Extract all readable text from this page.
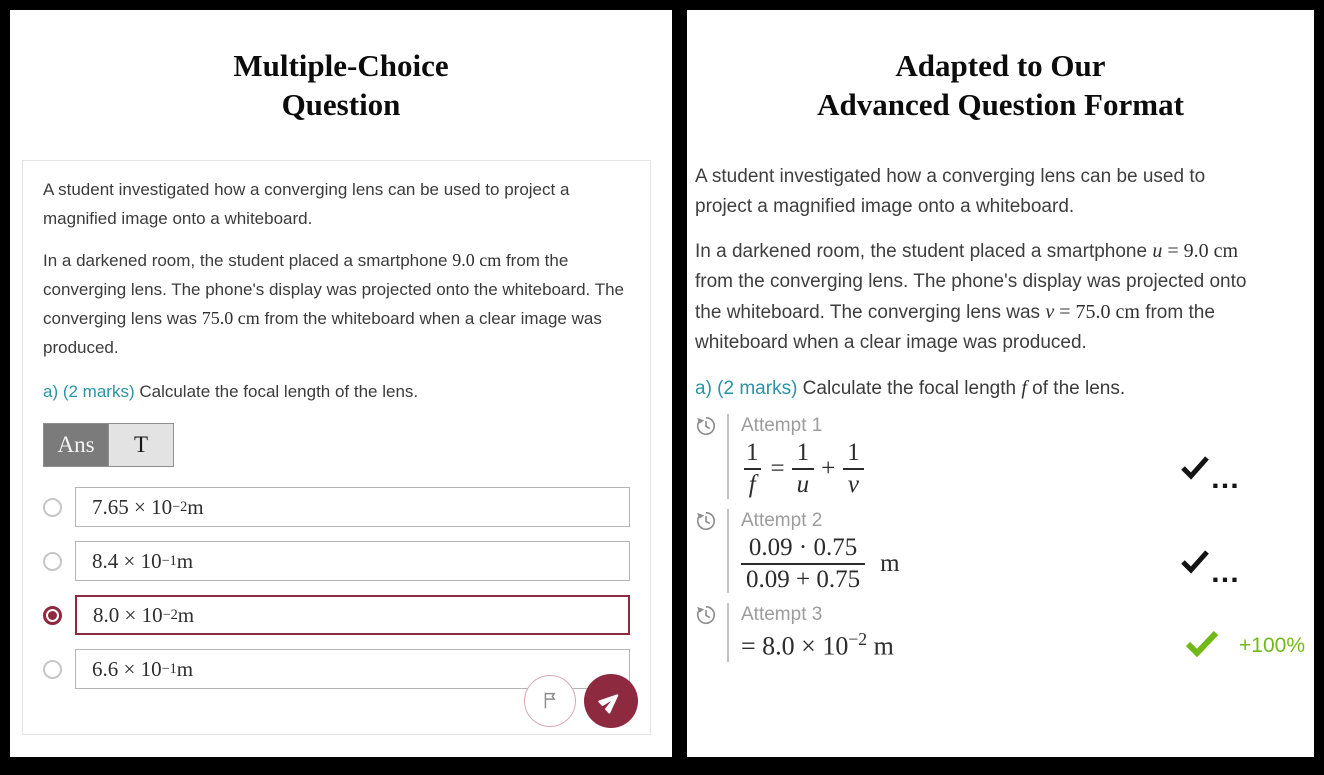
Multiple-Choice
Question

A student investigated how a converging lens can be used to project a magnified image onto a whiteboard.

In a darkened room, the student placed a smartphone 9.0 cm from the converging lens. The phone's display was projected onto the whiteboard. The converging lens was 75.0 cm from the whiteboard when a clear image was produced.

a) (2 marks) Calculate the focal length of the lens.

Ans	T
7.65 × 10 −2 m
8.4 × 10 −1 m
8.0 × 10 −2 m
6.6 × 10 −1 m
Adapted to Our
Advanced Question Format

A student investigated how a converging lens can be used to project a magnified image onto a whiteboard.

In a darkened room, the student placed a smartphone u = 9.0 cm from the converging lens. The phone's display was projected onto the whiteboard. The converging lens was v = 75.0 cm from the whiteboard when a clear image was produced.

a) (2 marks) Calculate the focal length f of the lens.

Attempt 1
$\frac{1}{f} = \frac{1}{u} + \frac{1}{v}$	…
Attempt 2
$\frac{0.09 \cdot 0.75}{0.09 + 0.75}$ m	…
Attempt 3
= $8.0 \times 10^{-2}$ m	+100%
